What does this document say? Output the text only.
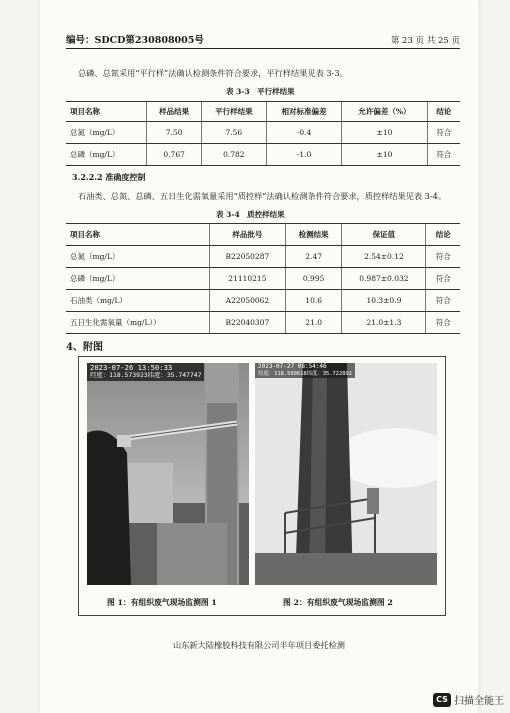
编号：SDCD第230808005号	第 23 页 共 25 页
总磷、总氮采用“平行样”法确认检测条件符合要求，平行样结果见表 3-3。
表 3-3　平行样结果
项目名称	样品结果	平行样结果	相对标准偏差	允许偏差（%）	结论
总氮（mg/L）	7.50	7.56	-0.4	±10	符合
总磷（mg/L）	0.767	0.782	-1.0	±10	符合
3.2.2.2 准确度控制
石油类、总氮、总磷、五日生化需氧量采用“质控样”法确认检测条件符合要求，质控样结果见表 3-4。
表 3-4　质控样结果
项目名称	样品批号	检测结果	保证值	结论
总氮（mg/L）	B22050287	2.47	2.54±0.12	符合
总磷（mg/L）	21110215	0.995	0.987±0.032	符合
石油类（mg/L）	A22050062	10.6	10.3±0.9	符合
五日生化需氧量（mg/L））	B22040307	21.0	21.0±1.3	符合
4、附图
2023-07-26 13:50:33
经度：118.573923纬度：35.747747
2023-07-27 08:54:46
经度：118.590618纬度：35.722892
图 1：有组织废气现场监测图 1	图 2：有组织废气现场监测图 2
山东新大陆橡胶科技有限公司半年项目委托检测
CS 扫描全能王
